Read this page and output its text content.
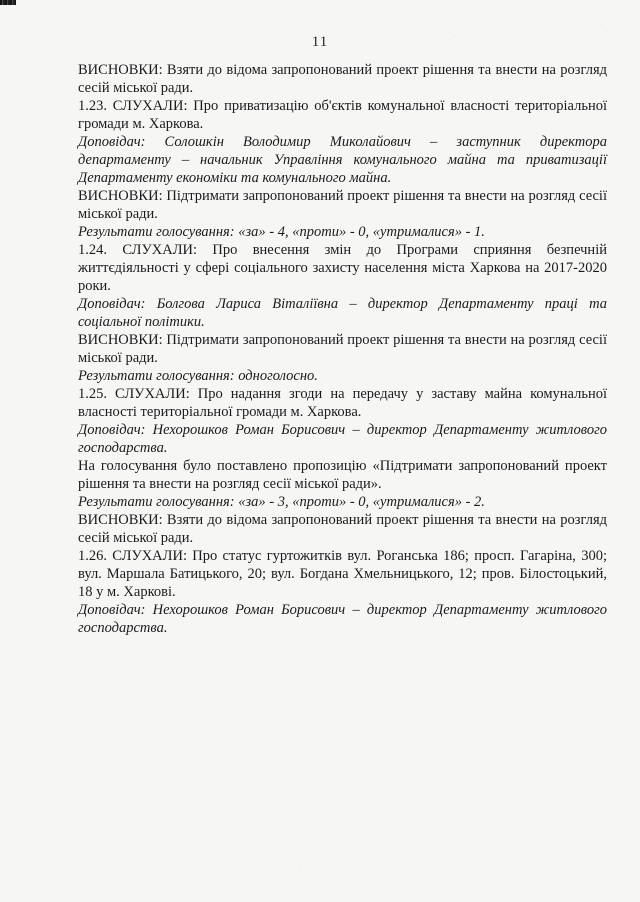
11

ВИСНОВКИ: Взяти до відома запропонований проект рішення та внести на розгляд сесій міської ради.

1.23. СЛУХАЛИ: Про приватизацію об'єктів комунальної власності територіальної громади м. Харкова.

Доповідач: Солошкін Володимир Миколайович – заступник директора департаменту – начальник Управління комунального майна та приватизації Департаменту економіки та комунального майна.

ВИСНОВКИ: Підтримати запропонований проект рішення та внести на розгляд сесії міської ради.

Результати голосування: «за» - 4, «проти» - 0, «утрималися» - 1.

1.24. СЛУХАЛИ: Про внесення змін до Програми сприяння безпечній життєдіяльності у сфері соціального захисту населення міста Харкова на 2017-2020 роки.

Доповідач: Болгова Лариса Віталіївна – директор Департаменту праці та соціальної політики.

ВИСНОВКИ: Підтримати запропонований проект рішення та внести на розгляд сесії міської ради.

Результати голосування: одноголосно.

1.25. СЛУХАЛИ: Про надання згоди на передачу у заставу майна комунальної власності територіальної громади м. Харкова.

Доповідач: Нехорошков Роман Борисович – директор Департаменту житлового господарства.

На голосування було поставлено пропозицію «Підтримати запропонований проект рішення та внести на розгляд сесії міської ради».

Результати голосування: «за» - 3, «проти» - 0, «утрималися» - 2.

ВИСНОВКИ: Взяти до відома запропонований проект рішення та внести на розгляд сесій міської ради.

1.26. СЛУХАЛИ: Про статус гуртожитків вул. Роганська 186; просп. Гагаріна, 300; вул. Маршала Батицького, 20; вул. Богдана Хмельницького, 12; пров. Білостоцький, 18 у м. Харкові.

Доповідач: Нехорошков Роман Борисович – директор Департаменту житлового господарства.
